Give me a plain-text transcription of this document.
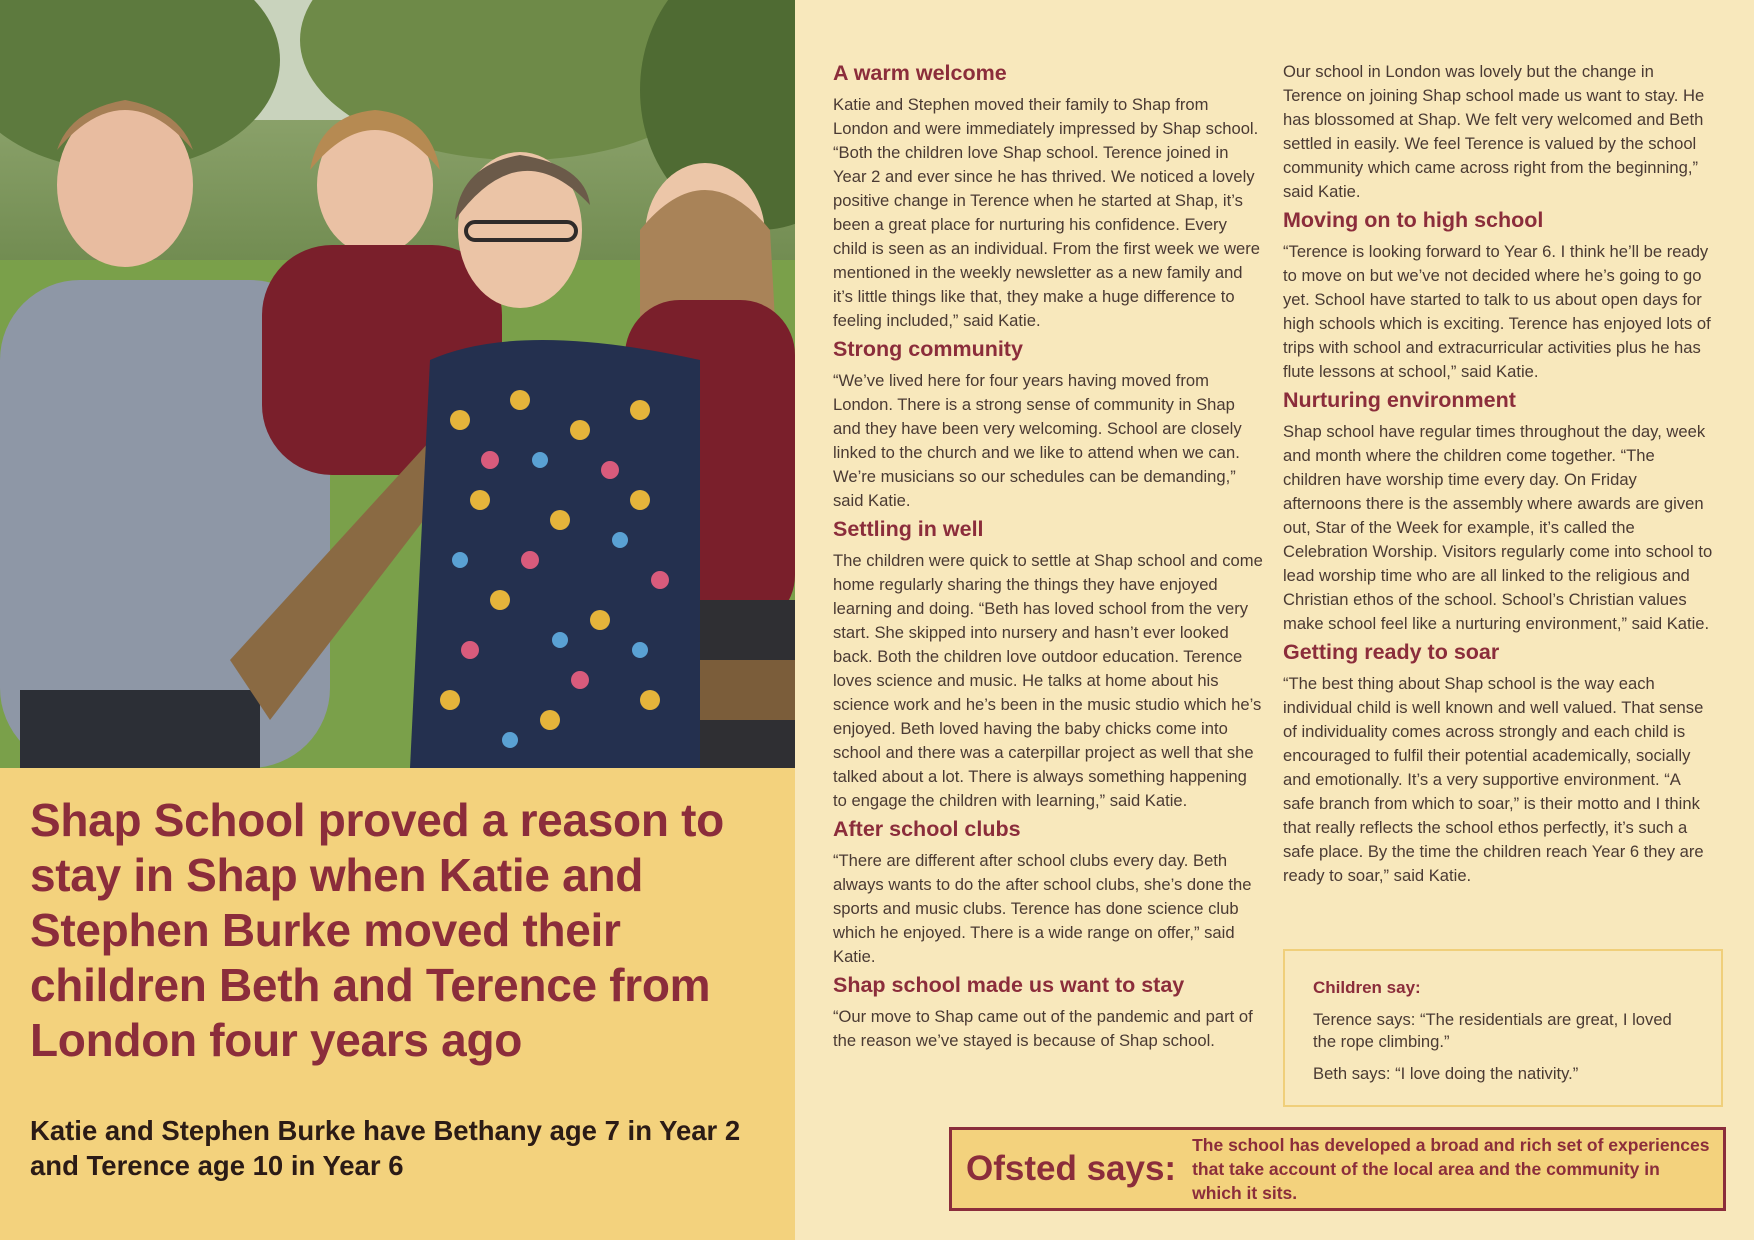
Shap School proved a reason to stay in Shap when Katie and Stephen Burke moved their children Beth and Terence from London four years ago

Katie and Stephen Burke have Bethany age 7 in Year 2 and Terence age 10 in Year 6

A warm welcome

Katie and Stephen moved their family to Shap from London and were immediately impressed by Shap school. “Both the children love Shap school. Terence joined in Year 2 and ever since he has thrived. We noticed a lovely positive change in Terence when he started at Shap, it’s been a great place for nurturing his confidence. Every child is seen as an individual. From the first week we were mentioned in the weekly newsletter as a new family and it’s little things like that, they make a huge difference to feeling included,” said Katie.

Strong community

“We’ve lived here for four years having moved from London. There is a strong sense of community in Shap and they have been very welcoming. School are closely linked to the church and we like to attend when we can. We’re musicians so our schedules can be demanding,” said Katie.

Settling in well

The children were quick to settle at Shap school and come home regularly sharing the things they have enjoyed learning and doing. “Beth has loved school from the very start. She skipped into nursery and hasn’t ever looked back. Both the children love outdoor education. Terence loves science and music. He talks at home about his science work and he’s been in the music studio which he’s enjoyed. Beth loved having the baby chicks come into school and there was a caterpillar project as well that she talked about a lot. There is always something happening to engage the children with learning,” said Katie.

After school clubs

“There are different after school clubs every day. Beth always wants to do the after school clubs, she’s done the sports and music clubs. Terence has done science club which he enjoyed. There is a wide range on offer,” said Katie.

Shap school made us want to stay

“Our move to Shap came out of the pandemic and part of the reason we’ve stayed is because of Shap school.

Our school in London was lovely but the change in Terence on joining Shap school made us want to stay. He has blossomed at Shap. We felt very welcomed and Beth settled in easily. We feel Terence is valued by the school community which came across right from the beginning,” said Katie.

Moving on to high school

“Terence is looking forward to Year 6. I think he’ll be ready to move on but we’ve not decided where he’s going to go yet. School have started to talk to us about open days for high schools which is exciting. Terence has enjoyed lots of trips with school and extracurricular activities plus he has flute lessons at school,” said Katie.

Nurturing environment

Shap school have regular times throughout the day, week and month where the children come together. “The children have worship time every day. On Friday afternoons there is the assembly where awards are given out, Star of the Week for example, it’s called the Celebration Worship. Visitors regularly come into school to lead worship time who are all linked to the religious and Christian ethos of the school. School’s Christian values make school feel like a nurturing environment,” said Katie.

Getting ready to soar

“The best thing about Shap school is the way each individual child is well known and well valued. That sense of individuality comes across strongly and each child is encouraged to fulfil their potential academically, socially and emotionally. It’s a very supportive environment. “A safe branch from which to soar,” is their motto and I think that really reflects the school ethos perfectly, it’s such a safe place. By the time the children reach Year 6 they are ready to soar,” said Katie.

Children say:

Terence says: “The residentials are great, I loved the rope climbing.”

Beth says: “I love doing the nativity.”

Ofsted says:
The school has developed a broad and rich set of experiences that take account of the local area and the community in which it sits.
